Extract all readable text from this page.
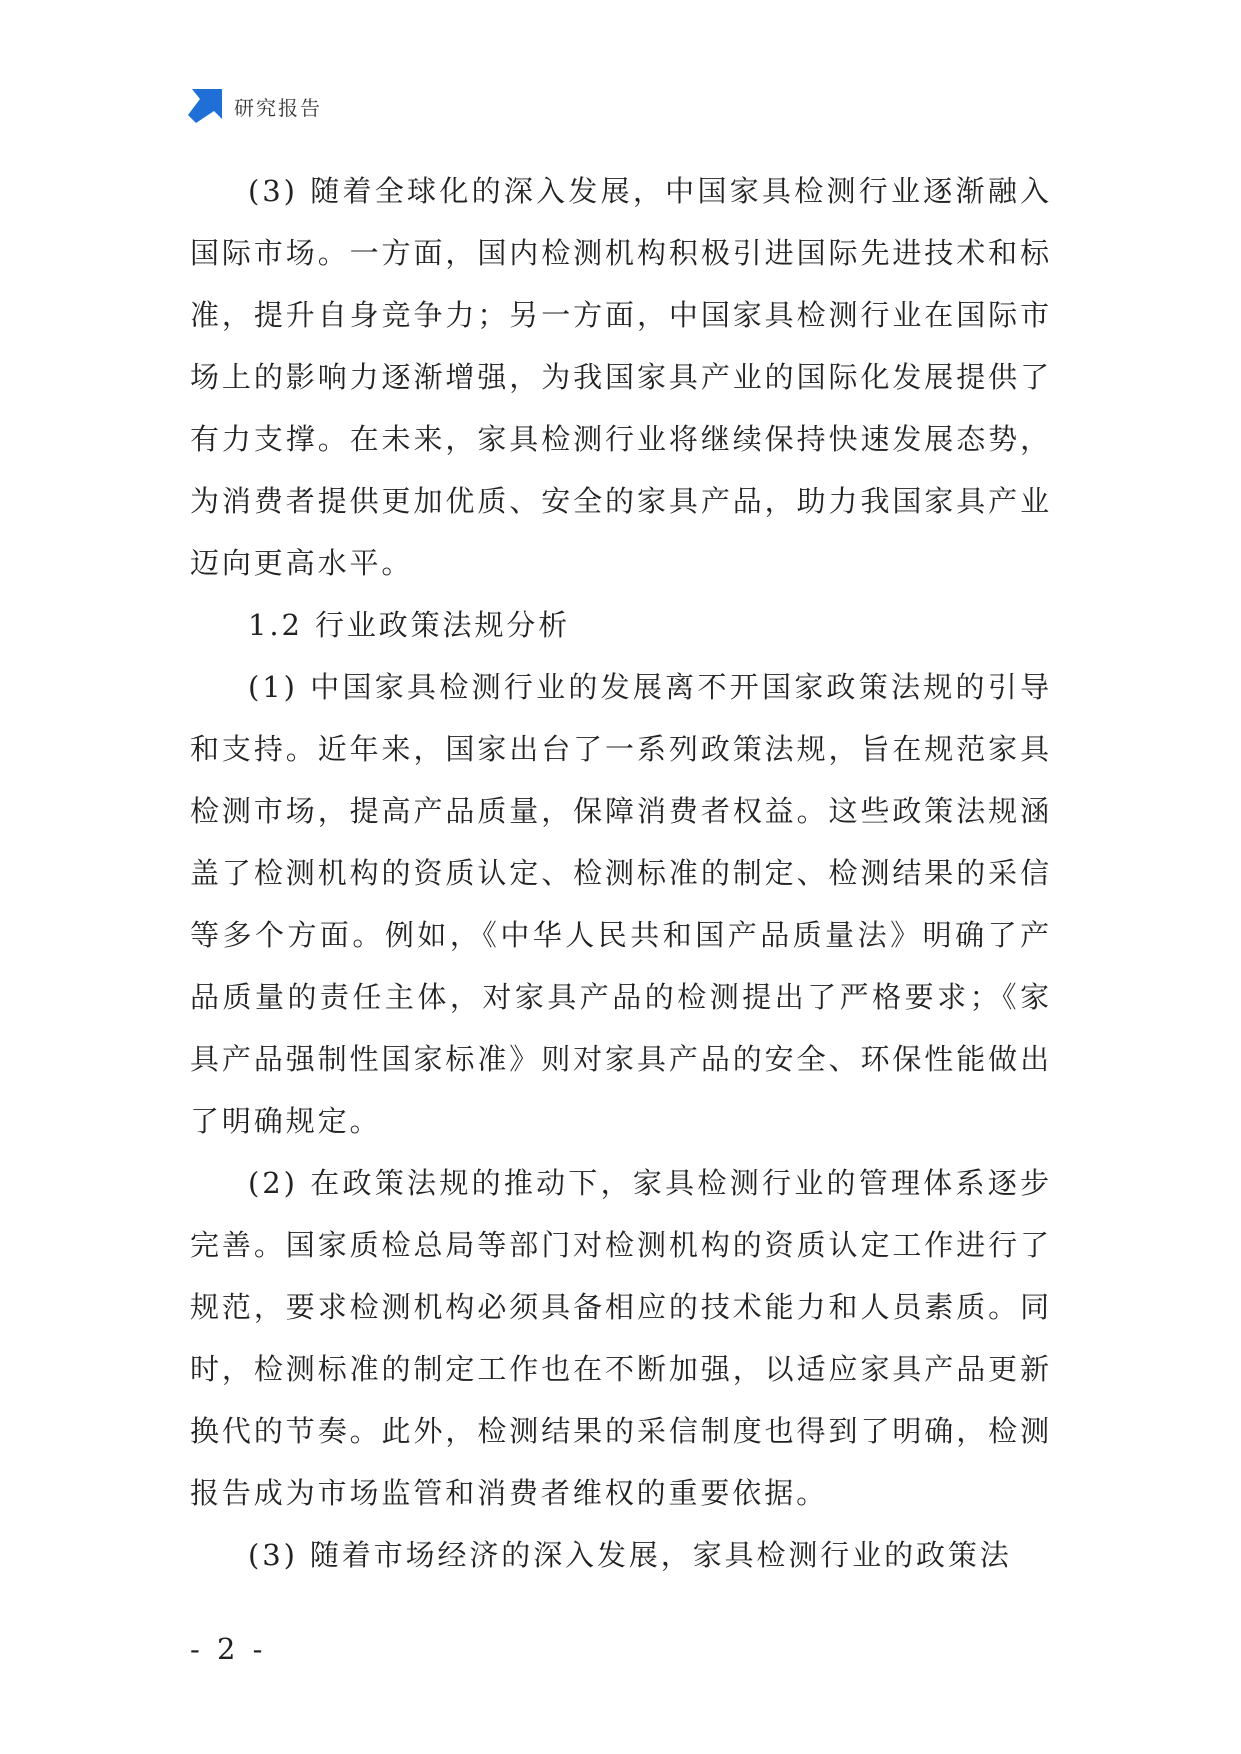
研究报告

(3) 随着全球化的深入发展，中国家具检测行业逐渐融入国际市场。一方面，国内检测机构积极引进国际先进技术和标准，提升自身竞争力；另一方面，中国家具检测行业在国际市场上的影响力逐渐增强，为我国家具产业的国际化发展提供了有力支撑。在未来，家具检测行业将继续保持快速发展态势，为消费者提供更加优质、安全的家具产品，助力我国家具产业迈向更高水平。

1.2 行业政策法规分析

(1) 中国家具检测行业的发展离不开国家政策法规的引导和支持。近年来，国家出台了一系列政策法规，旨在规范家具检测市场，提高产品质量，保障消费者权益。这些政策法规涵盖了检测机构的资质认定、检测标准的制定、检测结果的采信等多个方面。例如，《中华人民共和国产品质量法》明确了产品质量的责任主体，对家具产品的检测提出了严格要求；《家具产品强制性国家标准》则对家具产品的安全、环保性能做出了明确规定。

(2) 在政策法规的推动下，家具检测行业的管理体系逐步完善。国家质检总局等部门对检测机构的资质认定工作进行了规范，要求检测机构必须具备相应的技术能力和人员素质。同时，检测标准的制定工作也在不断加强，以适应家具产品更新换代的节奏。此外，检测结果的采信制度也得到了明确，检测报告成为市场监管和消费者维权的重要依据。

(3) 随着市场经济的深入发展，家具检测行业的政策法

- 2 -
